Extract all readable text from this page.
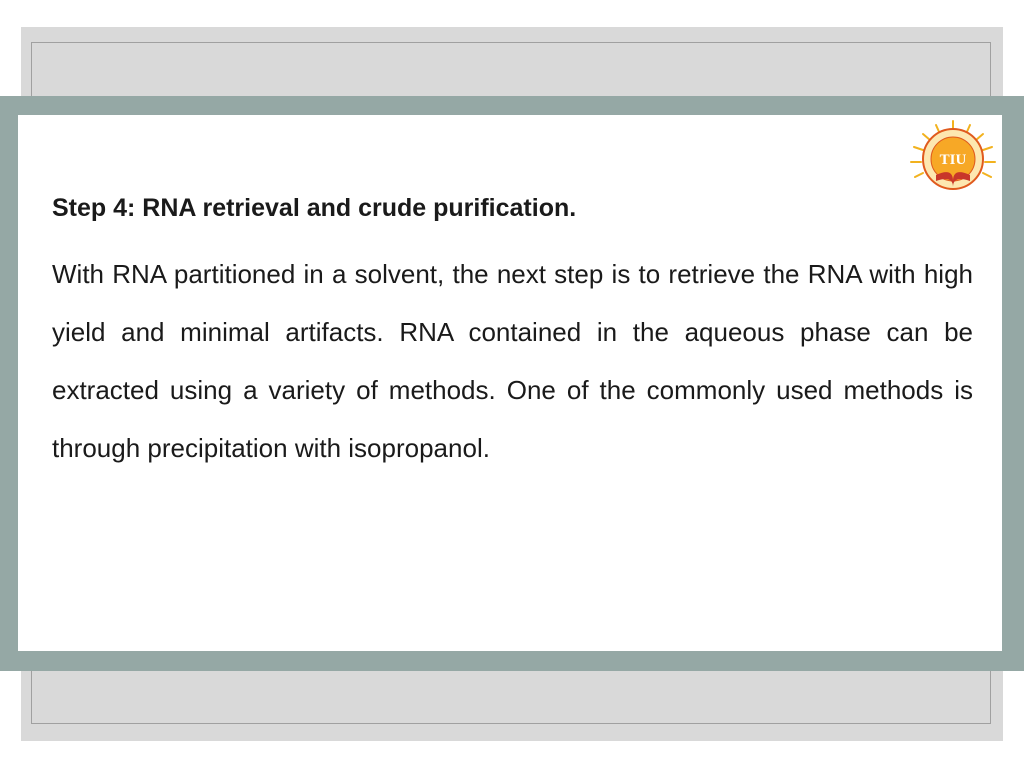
TIU
Step 4: RNA retrieval and crude purification.

With RNA partitioned in a solvent, the next step is to retrieve the RNA with high yield and minimal artifacts. RNA contained in the aqueous phase can be extracted using a variety of methods. One of the commonly used methods is through precipitation with isopropanol.
